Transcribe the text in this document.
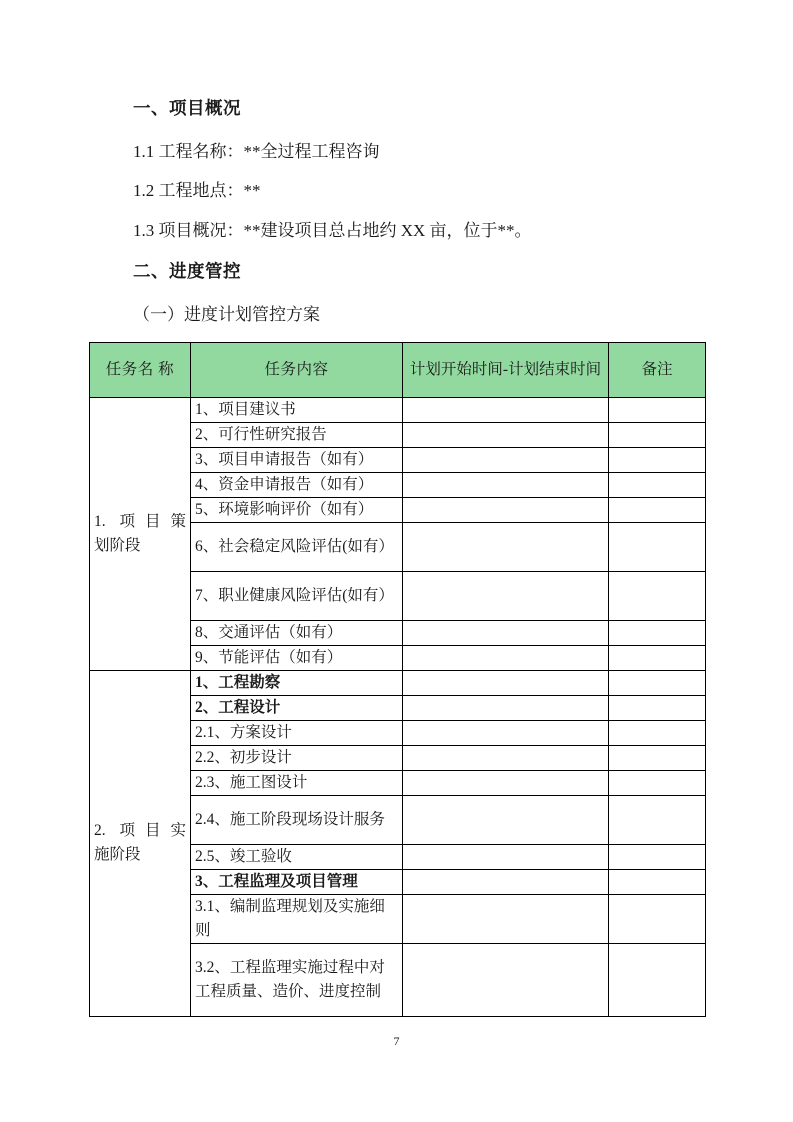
一、项目概况

1.1 工程名称：**全过程工程咨询

1.2 工程地点：**

1.3 项目概况：**建设项目总占地约 XX 亩，位于**。

二、进度管控

（一）进度计划管控方案

任务名 称	任务内容	计划开始时间-计划结束时间	备注

1. 项目策
划阶段	1、项目建议书		
	2、可行性研究报告		
	3、项目申请报告（如有）		
	4、资金申请报告（如有）		
	5、环境影响评价（如有）		
	6、社会稳定风险评估(如有）		
	7、职业健康风险评估(如有）		
	8、交通评估（如有）		
	9、节能评估（如有）		

2. 项目实
施阶段	1、工程勘察		
	2、工程设计		
	2.1、方案设计		
	2.2、初步设计		
	2.3、施工图设计		
	2.4、施工阶段现场设计服务		
	2.5、竣工验收		
	3、工程监理及项目管理		
	3.1、编制监理规划及实施细则		
	3.2、工程监理实施过程中对工程质量、造价、进度控制		
7
